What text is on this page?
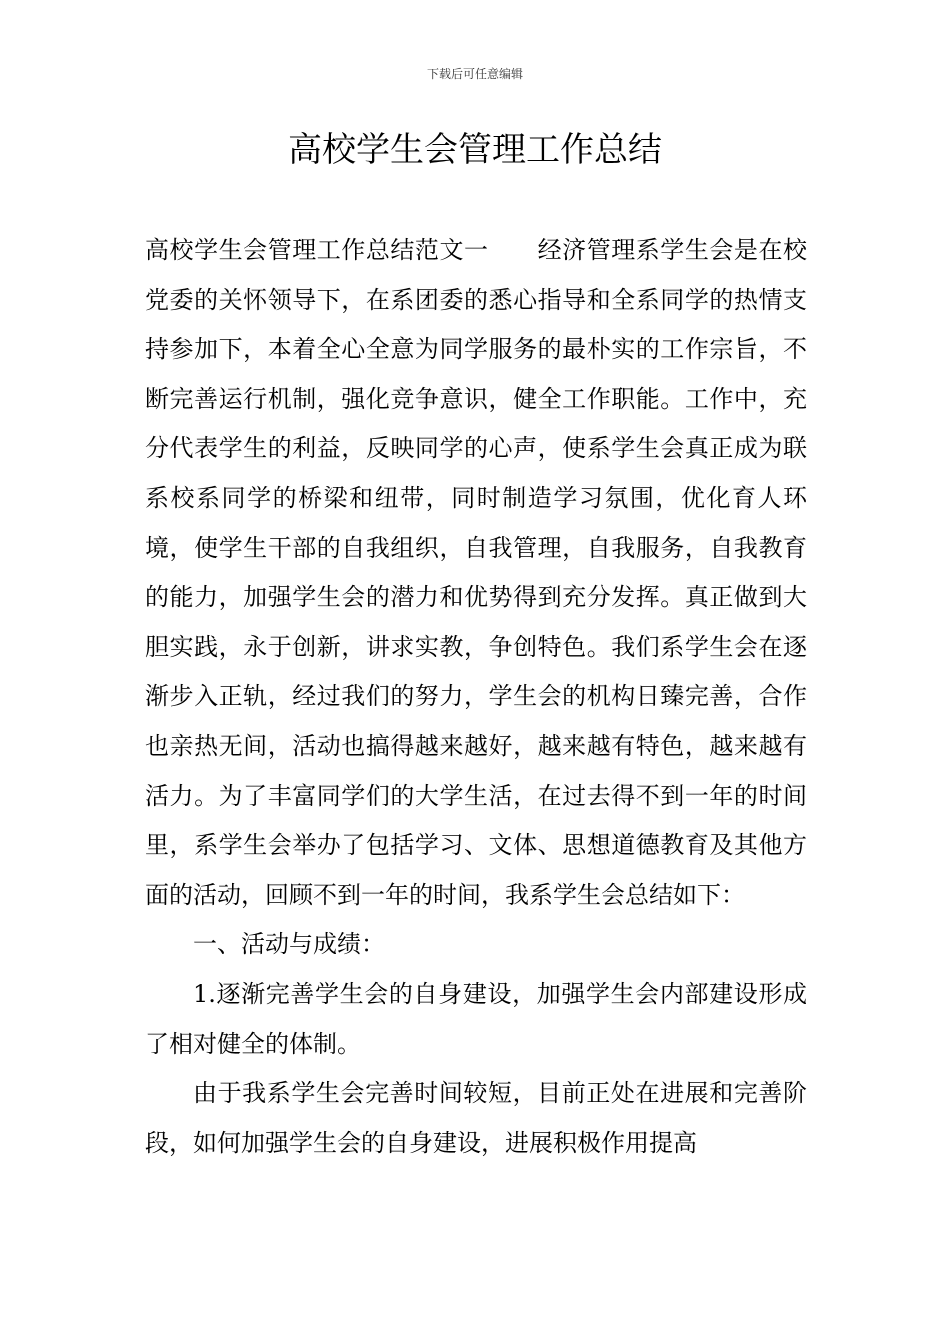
下载后可任意编辑
高校学生会管理工作总结

高校学生会管理工作总结范文一　　经济管理系学生会是在校党委的关怀领导下，在系团委的悉心指导和全系同学的热情支持参加下，本着全心全意为同学服务的最朴实的工作宗旨，不断完善运行机制，强化竞争意识，健全工作职能。工作中，充分代表学生的利益，反映同学的心声，使系学生会真正成为联系校系同学的桥梁和纽带，同时制造学习氛围，优化育人环境，使学生干部的自我组织，自我管理，自我服务，自我教育的能力，加强学生会的潜力和优势得到充分发挥。真正做到大胆实践，永于创新，讲求实教，争创特色。我们系学生会在逐渐步入正轨，经过我们的努力，学生会的机构日臻完善，合作也亲热无间，活动也搞得越来越好，越来越有特色，越来越有活力。为了丰富同学们的大学生活，在过去得不到一年的时间里，系学生会举办了包括学习、文体、思想道德教育及其他方面的活动，回顾不到一年的时间，我系学生会总结如下：

一、活动与成绩：

1.逐渐完善学生会的自身建设，加强学生会内部建设形成了相对健全的体制。

由于我系学生会完善时间较短，目前正处在进展和完善阶段，如何加强学生会的自身建设，进展积极作用提高
